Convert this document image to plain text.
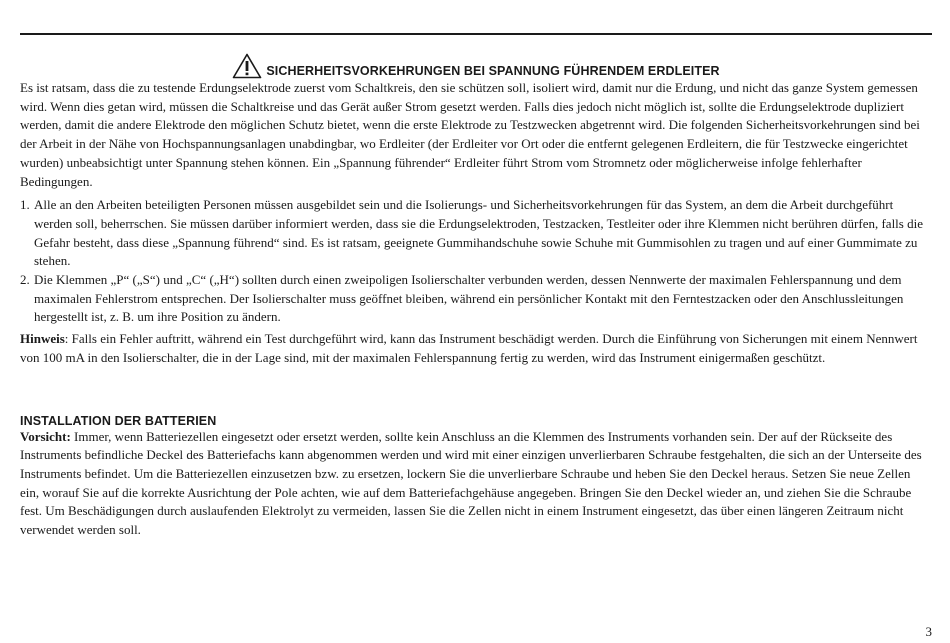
SICHERHEITSVORKEHRUNGEN BEI SPANNUNG FÜHRENDEM ERDLEITER

Es ist ratsam, dass die zu testende Erdungselektrode zuerst vom Schaltkreis, den sie schützen soll, isoliert wird, damit nur die Erdung, und nicht das ganze System gemessen wird. Wenn dies getan wird, müssen die Schaltkreise und das Gerät außer Strom gesetzt werden. Falls dies jedoch nicht möglich ist, sollte die Erdungselektrode dupliziert werden, damit die andere Elektrode den möglichen Schutz bietet, wenn die erste Elektrode zu Testzwecken abgetrennt wird. Die folgenden Sicherheitsvorkehrungen sind bei der Arbeit in der Nähe von Hochspannungsanlagen unabdingbar, wo Erdleiter (der Erdleiter vor Ort oder die entfernt gelegenen Erdleitern, die für Testzwecke eingerichtet wurden) unbeabsichtigt unter Spannung stehen können. Ein „Spannung führender“ Erdleiter führt Strom vom Stromnetz oder möglicherweise infolge fehlerhafter Bedingungen.

1. Alle an den Arbeiten beteiligten Personen müssen ausgebildet sein und die Isolierungs- und Sicherheitsvorkehrungen für das System, an dem die Arbeit durchgeführt werden soll, beherrschen. Sie müssen darüber informiert werden, dass sie die Erdungselektroden, Testzacken, Testleiter oder ihre Klemmen nicht berühren dürfen, falls die Gefahr besteht, dass diese „Spannung führend“ sind. Es ist ratsam, geeignete Gummihandschuhe sowie Schuhe mit Gummisohlen zu tragen und auf einer Gummimate zu stehen.
2. Die Klemmen „P“ („S“) und „C“ („H“) sollten durch einen zweipoligen Isolierschalter verbunden werden, dessen Nennwerte der maximalen Fehlerspannung und dem maximalen Fehlerstrom entsprechen. Der Isolierschalter muss geöffnet bleiben, während ein persönlicher Kontakt mit den Ferntestzacken oder den Anschlussleitungen hergestellt ist, z. B. um ihre Position zu ändern.

Hinweis: Falls ein Fehler auftritt, während ein Test durchgeführt wird, kann das Instrument beschädigt werden. Durch die Einführung von Sicherungen mit einem Nennwert von 100 mA in den Isolierschalter, die in der Lage sind, mit der maximalen Fehlerspannung fertig zu werden, wird das Instrument einigermaßen geschützt.

INSTALLATION DER BATTERIEN

Vorsicht: Immer, wenn Batteriezellen eingesetzt oder ersetzt werden, sollte kein Anschluss an die Klemmen des Instruments vorhanden sein. Der auf der Rückseite des Instruments befindliche Deckel des Batteriefachs kann abgenommen werden und wird mit einer einzigen unverlierbaren Schraube festgehalten, die sich an der Unterseite des Instruments befindet. Um die Batteriezellen einzusetzen bzw. zu ersetzen, lockern Sie die unverlierbare Schraube und heben Sie den Deckel heraus. Setzen Sie neue Zellen ein, worauf Sie auf die korrekte Ausrichtung der Pole achten, wie auf dem Batteriefachgehäuse angegeben. Bringen Sie den Deckel wieder an, und ziehen Sie die Schraube fest. Um Beschädigungen durch auslaufenden Elektrolyt zu vermeiden, lassen Sie die Zellen nicht in einem Instrument eingesetzt, das über einen längeren Zeitraum nicht verwendet werden soll.

3
